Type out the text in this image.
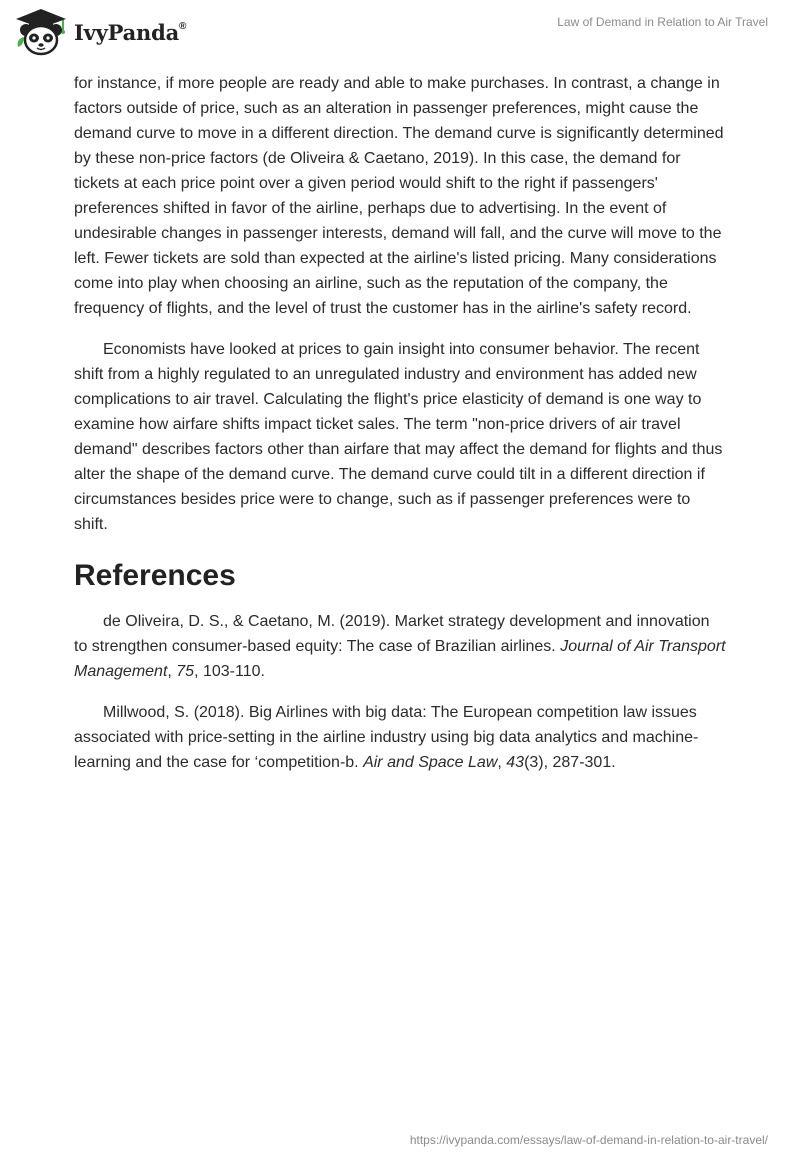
IvyPanda®	Law of Demand in Relation to Air Travel

for instance, if more people are ready and able to make purchases. In contrast, a change in factors outside of price, such as an alteration in passenger preferences, might cause the demand curve to move in a different direction. The demand curve is significantly determined by these non-price factors (de Oliveira & Caetano, 2019). In this case, the demand for tickets at each price point over a given period would shift to the right if passengers' preferences shifted in favor of the airline, perhaps due to advertising. In the event of undesirable changes in passenger interests, demand will fall, and the curve will move to the left. Fewer tickets are sold than expected at the airline's listed pricing. Many considerations come into play when choosing an airline, such as the reputation of the company, the frequency of flights, and the level of trust the customer has in the airline's safety record.

Economists have looked at prices to gain insight into consumer behavior. The recent shift from a highly regulated to an unregulated industry and environment has added new complications to air travel. Calculating the flight's price elasticity of demand is one way to examine how airfare shifts impact ticket sales. The term "non-price drivers of air travel demand" describes factors other than airfare that may affect the demand for flights and thus alter the shape of the demand curve. The demand curve could tilt in a different direction if circumstances besides price were to change, such as if passenger preferences were to shift.

References

de Oliveira, D. S., & Caetano, M. (2019). Market strategy development and innovation to strengthen consumer-based equity: The case of Brazilian airlines. Journal of Air Transport Management, 75, 103-110.

Millwood, S. (2018). Big Airlines with big data: The European competition law issues associated with price-setting in the airline industry using big data analytics and machine-learning and the case for ‘competition-b. Air and Space Law, 43(3), 287-301.

https://ivypanda.com/essays/law-of-demand-in-relation-to-air-travel/
